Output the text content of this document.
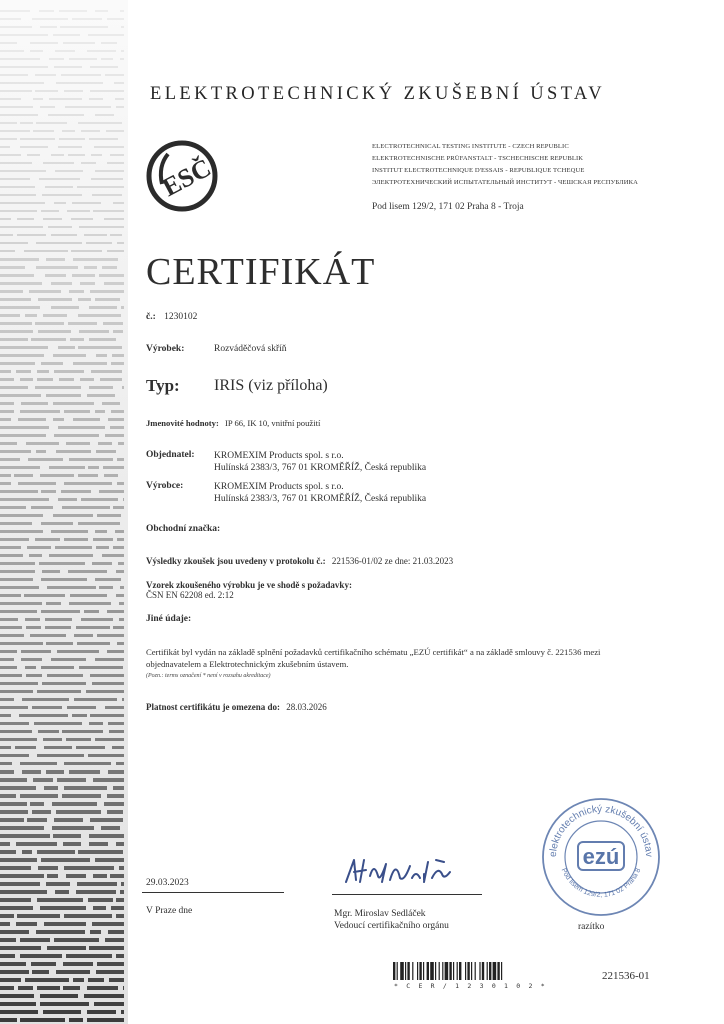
ELEKTROTECHNICKÝ ZKUŠEBNÍ ÚSTAV
ESČ
ELECTROTECHNICAL TESTING INSTITUTE - CZECH REPUBLIC
ELEKTROTECHNISCHE PRÜFANSTALT - TSCHECHISCHE REPUBLIK
INSTITUT ELECTROTECHNIQUE D'ESSAIS - REPUBLIQUE TCHEQUE
ЭЛЕКТРОТЕХНИЧЕСКИЙ ИСПЫТАТЕЛЬНЫЙ ИНСТИТУТ - ЧЕШСКАЯ РЕСПУБЛИКА
Pod lisem 129/2, 171 02 Praha 8 - Troja
CERTIFIKÁT
č.: 1230102
Výrobek:	Rozváděčová skříň
Typ: IRIS (viz příloha)
Jmenovité hodnoty: IP 66, IK 10, vnitřní použití
Objednatel: KROMEXIM Products spol. s r.o.
Hulínská 2383/3, 767 01 KROMĚŘÍŽ, Česká republika
Výrobce:	KROMEXIM Products spol. s r.o.
Hulínská 2383/3, 767 01 KROMĚŘÍŽ, Česká republika
Obchodní značka:
Výsledky zkoušek jsou uvedeny v protokolu č.: 221536-01/02 ze dne: 21.03.2023
Vzorek zkoušeného výrobku je ve shodě s požadavky:
ČSN EN 62208 ed. 2:12
Jiné údaje:
Certifikát byl vydán na základě splnění požadavků certifikačního schématu „EZÚ certifikát“ a na základě smlouvy č. 221536 mezi
objednavatelem a Elektrotechnickým zkušebním ústavem.
(Pozn.: terms označení * není v rozsahu akreditace)
Platnost certifikátu je omezena do: 28.03.2026
29.03.2023
V Praze dne	Mgr. Miroslav Sedláček
Vedoucí certifikačního orgánu
elektrotechnický zkušební ústav
Pod lisem 129/2, 171 02 Praha 8
ezú
razítko
* C E R / 1 2 3 0 1 0 2 *
221536-01
